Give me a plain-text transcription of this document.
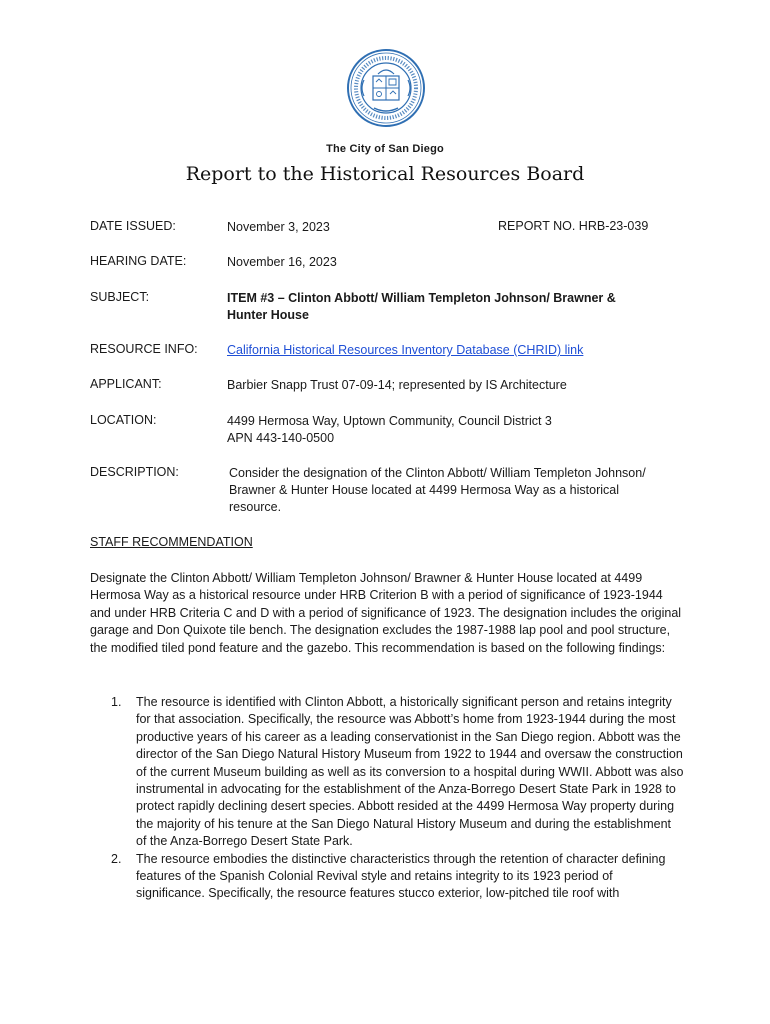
The City of San Diego
Report to the Historical Resources Board
DATE ISSUED:	November 3, 2023	REPORT NO. HRB-23-039
HEARING DATE:	November 16, 2023
SUBJECT:	ITEM #3 – Clinton Abbott/ William Templeton Johnson/ Brawner &
Hunter House
RESOURCE INFO: California Historical Resources Inventory Database (CHRID) link
APPLICANT:	Barbier Snapp Trust 07-09-14; represented by IS Architecture
LOCATION:	4499 Hermosa Way, Uptown Community, Council District 3
APN 443-140-0500
DESCRIPTION:	Consider the designation of the Clinton Abbott/ William Templeton Johnson/
Brawner & Hunter House located at 4499 Hermosa Way as a historical
resource.
STAFF RECOMMENDATION

Designate the Clinton Abbott/ William Templeton Johnson/ Brawner & Hunter House located at 4499 Hermosa Way as a historical resource under HRB Criterion B with a period of significance of 1923-1944 and under HRB Criteria C and D with a period of significance of 1923. The designation includes the original garage and Don Quixote tile bench. The designation excludes the 1987-1988 lap pool and pool structure, the modified tiled pond feature and the gazebo. This recommendation is based on the following findings:

1. The resource is identified with Clinton Abbott, a historically significant person and retains integrity for that association. Specifically, the resource was Abbott’s home from 1923-1944 during the most productive years of his career as a leading conservationist in the San Diego region. Abbott was the director of the San Diego Natural History Museum from 1922 to 1944 and oversaw the construction of the current Museum building as well as its conversion to a hospital during WWII. Abbott was also instrumental in advocating for the establishment of the Anza-Borrego Desert State Park in 1928 to protect rapidly declining desert species. Abbott resided at the 4499 Hermosa Way property during the majority of his tenure at the San Diego Natural History Museum and during the establishment of the Anza-Borrego Desert State Park.
2. The resource embodies the distinctive characteristics through the retention of character defining features of the Spanish Colonial Revival style and retains integrity to its 1923 period of significance. Specifically, the resource features stucco exterior, low-pitched tile roof with
